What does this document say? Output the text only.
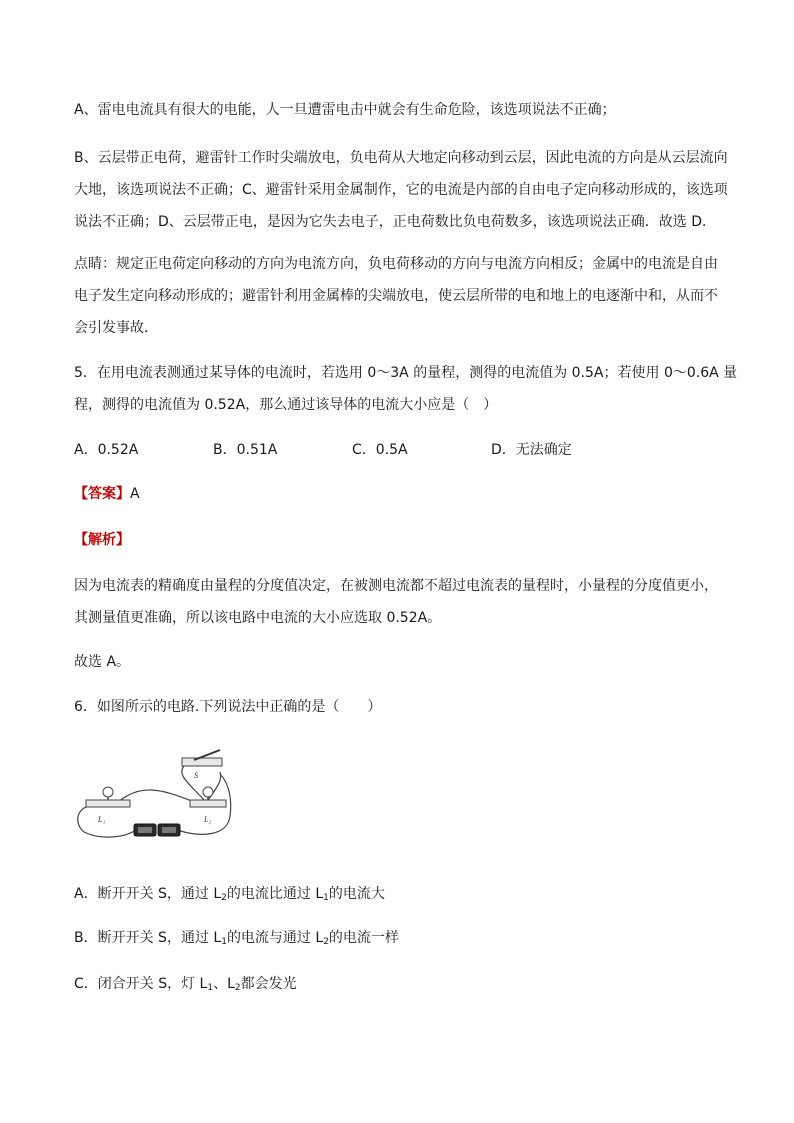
A、雷电电流具有很大的电能，人一旦遭雷电击中就会有生命危险，该选项说法不正确；

B、云层带正电荷，避雷针工作时尖端放电，负电荷从大地定向移动到云层，因此电流的方向是从云层流向
大地，该选项说法不正确；C、避雷针采用金属制作，它的电流是内部的自由电子定向移动形成的，该选项
说法不正确；D、云层带正电，是因为它失去电子，正电荷数比负电荷数多，该选项说法正确．故选 D．

点睛：规定正电荷定向移动的方向为电流方向，负电荷移动的方向与电流方向相反；金属中的电流是自由
电子发生定向移动形成的；避雷针利用金属棒的尖端放电，使云层所带的电和地上的电逐渐中和，从而不
会引发事故．

5．在用电流表测通过某导体的电流时，若选用 0～3A 的量程，测得的电流值为 0.5A；若使用 0～0.6A 量
程，测得的电流值为 0.52A，那么通过该导体的电流大小应是（　）

A．0.52A	B．0.51A	C．0.5A	D．无法确定

【答案】A

【解析】

因为电流表的精确度由量程的分度值决定，在被测电流都不超过电流表的量程时，小量程的分度值更小，
其测量值更准确，所以该电路中电流的大小应选取 0.52A。

故选 A。

6．如图所示的电路.下列说法中正确的是（　　）

S
L₁	L₂

A．断开开关 S，通过 $L_2$的电流比通过 $L_1$的电流大

B．断开开关 S，通过 $L_1$的电流与通过 $L_2$的电流一样

C．闭合开关 S，灯 $L_1$、$L_2$都会发光
